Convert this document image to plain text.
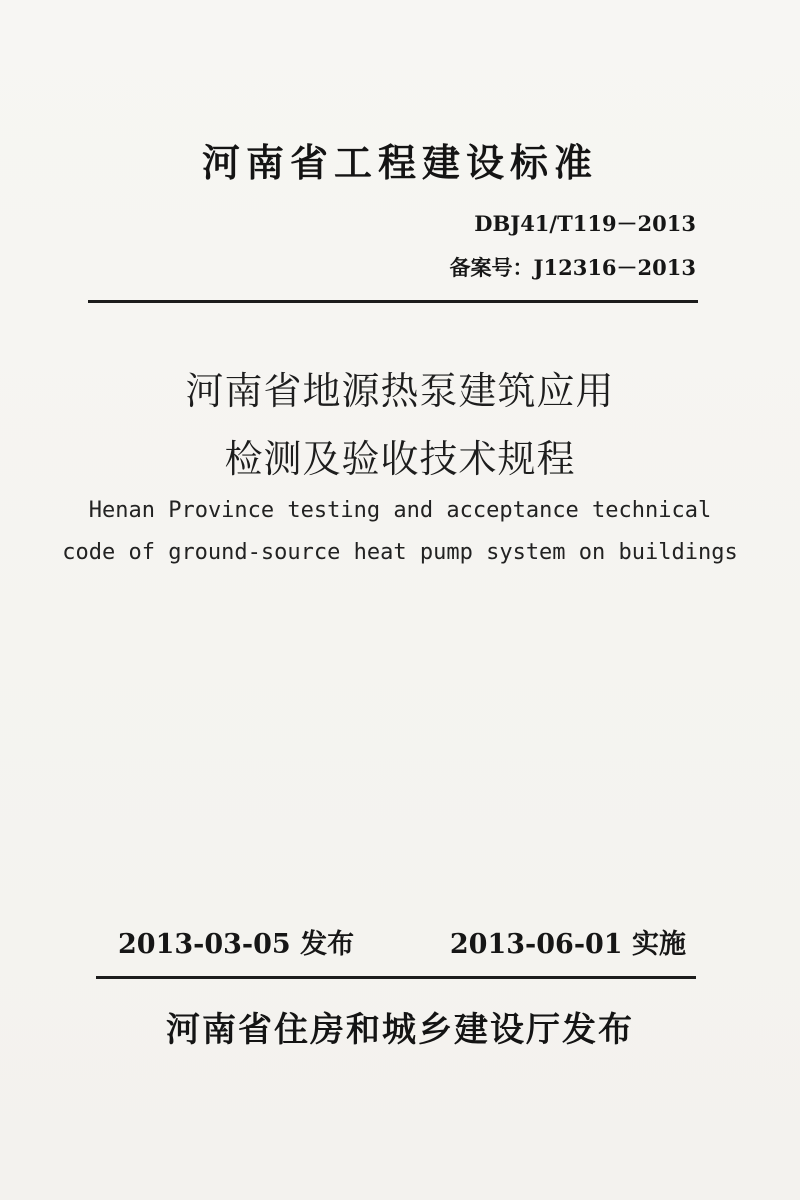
河南省工程建设标准
DBJ41/T119－2013
备案号：J12316－2013
河南省地源热泵建筑应用
检测及验收技术规程
Henan Province testing and acceptance technical
code of ground-source heat pump system on buildings
2013-03-05 发布	2013-06-01 实施
河南省住房和城乡建设厅发布
